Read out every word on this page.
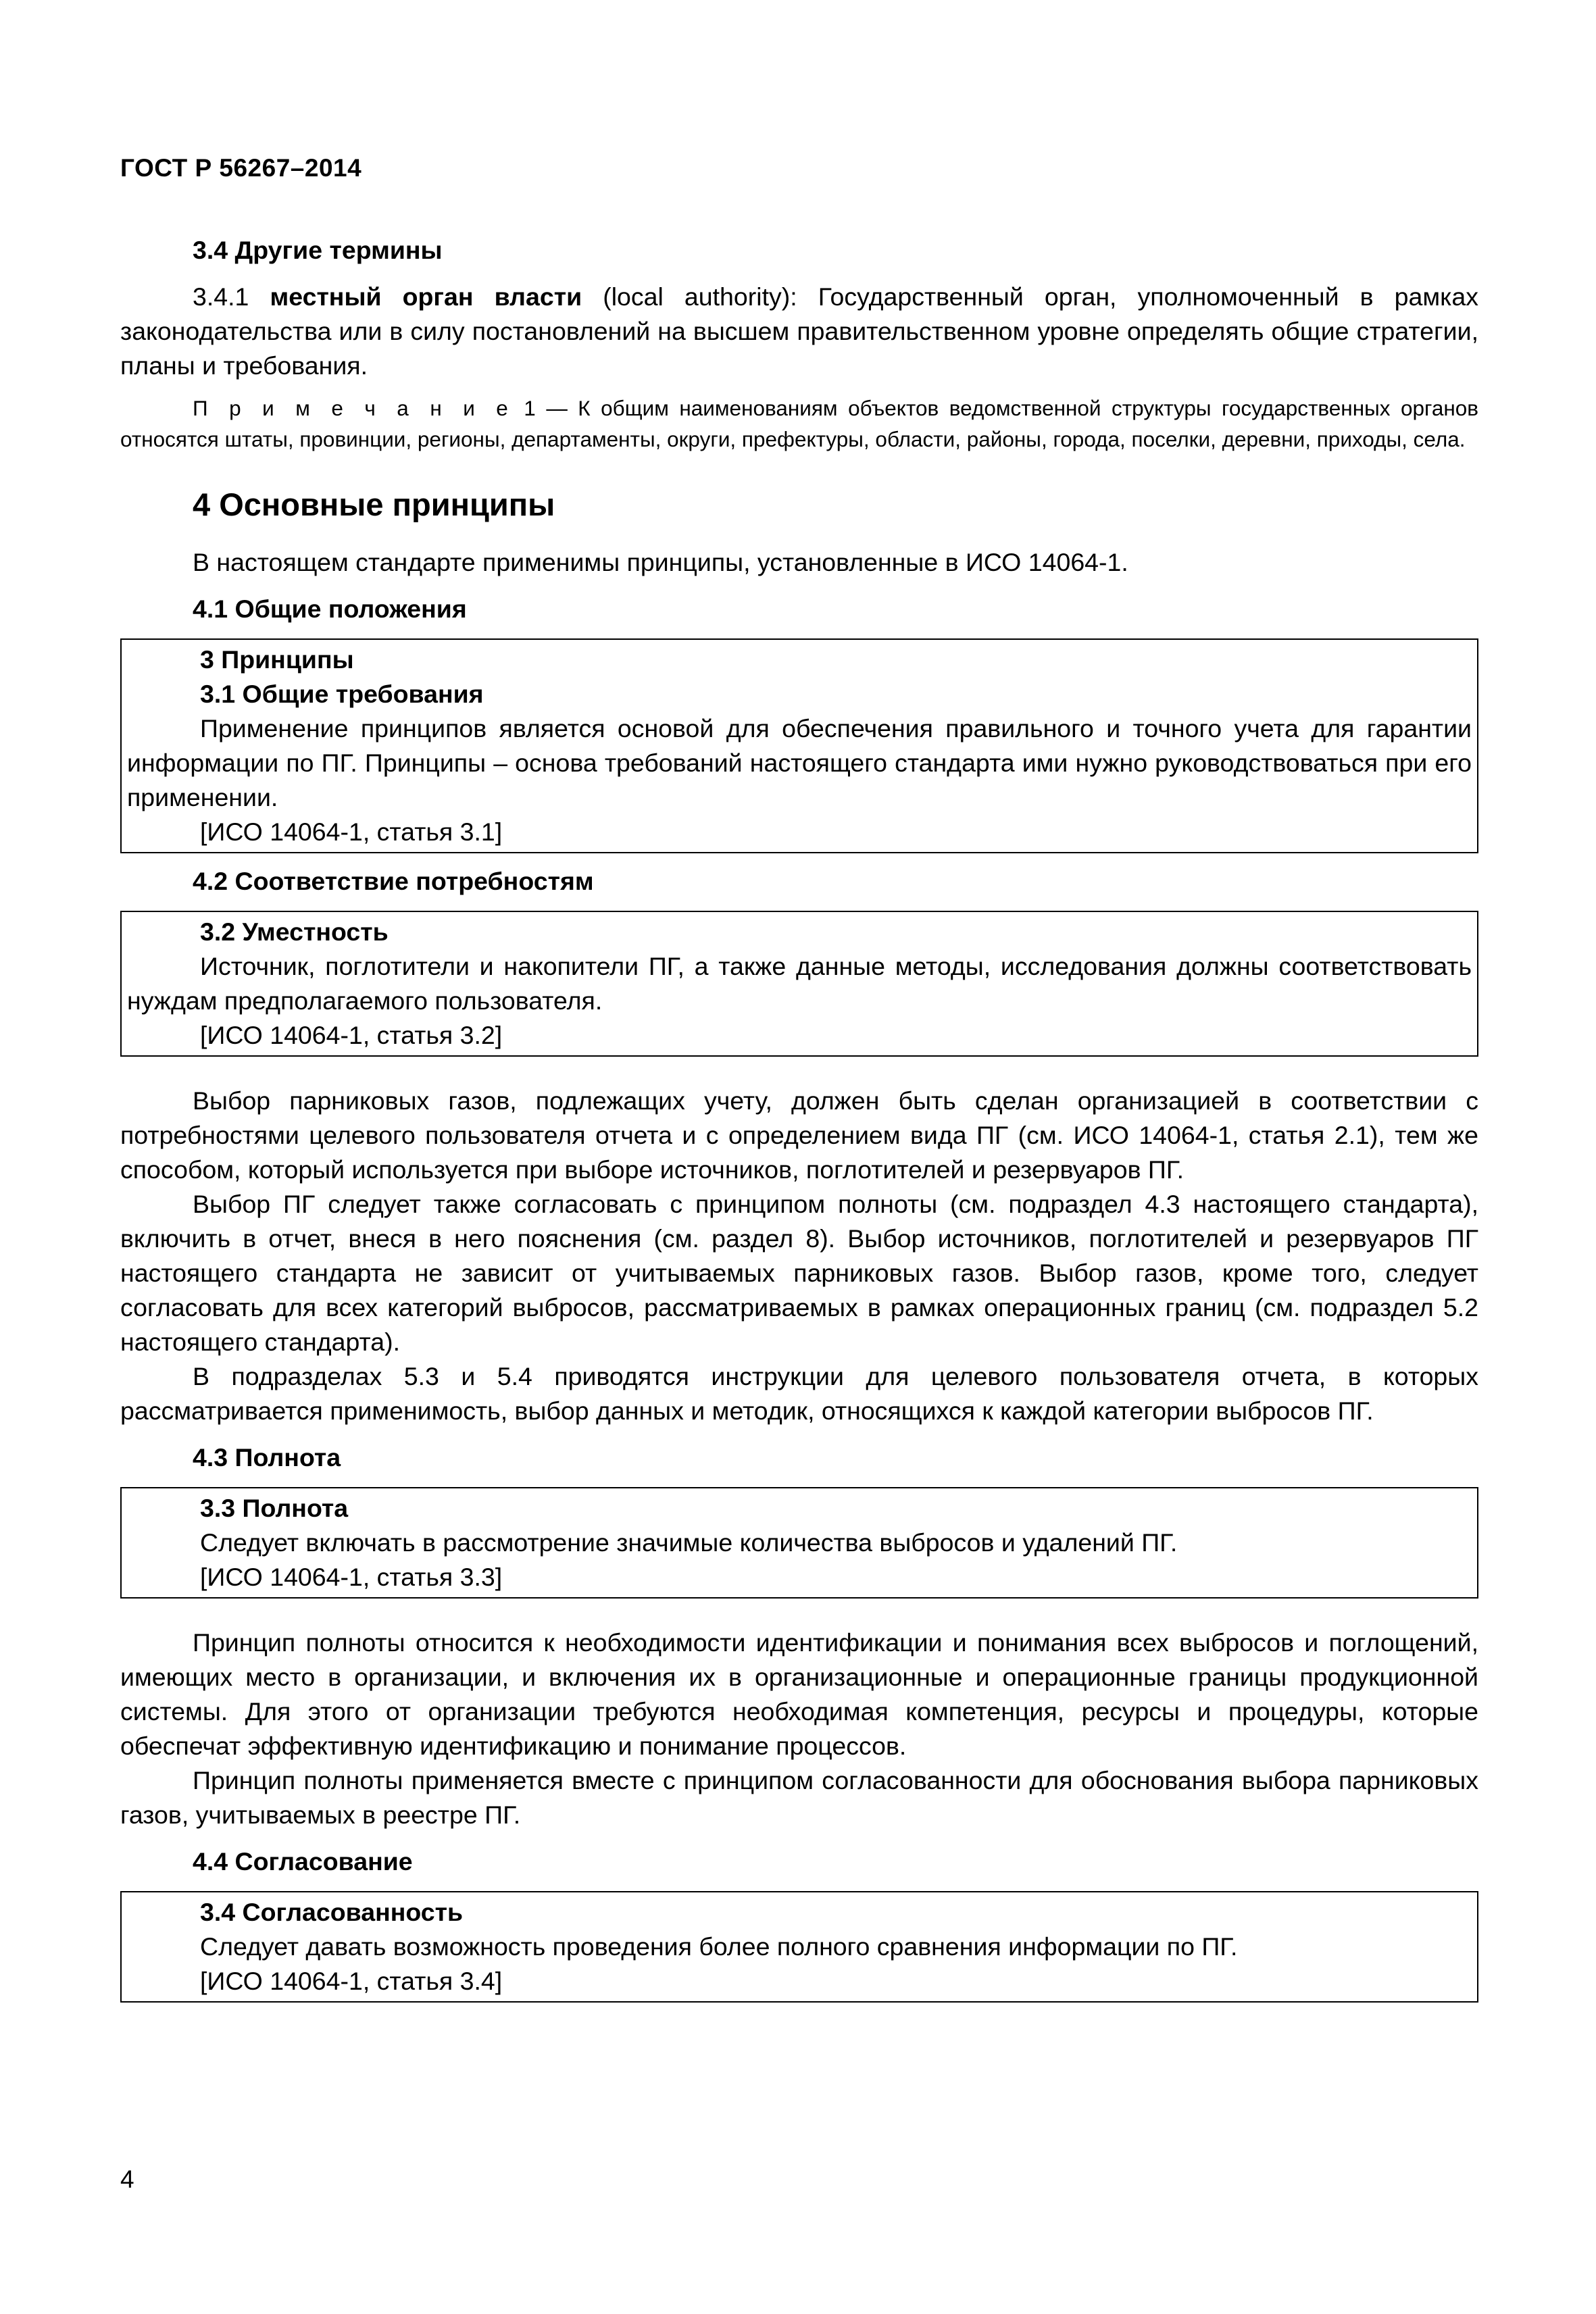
ГОСТ Р 56267–2014
3.4 Другие термины

3.4.1 местный орган власти (local authority): Государственный орган, уполномоченный в рамках законодательства или в силу постановлений на высшем правительственном уровне определять общие стратегии, планы и требования.

П р и м е ч а н и е 1 — К общим наименованиям объектов ведомственной структуры государственных органов относятся штаты, провинции, регионы, департаменты, округи, префектуры, области, районы, города, поселки, деревни, приходы, села.

4 Основные принципы

В настоящем стандарте применимы принципы, установленные в ИСО 14064-1.

4.1 Общие положения
3 Принципы
3.1 Общие требования

Применение принципов является основой для обеспечения правильного и точного учета для гарантии информации по ПГ. Принципы – основа требований настоящего стандарта ими нужно руководствоваться при его применении.

[ИСО 14064-1, статья 3.1]
4.2 Соответствие потребностям
3.2 Уместность

Источник, поглотители и накопители ПГ, а также данные методы, исследования должны соответствовать нуждам предполагаемого пользователя.

[ИСО 14064-1, статья 3.2]

Выбор парниковых газов, подлежащих учету, должен быть сделан организацией в соответствии с потребностями целевого пользователя отчета и с определением вида ПГ (см. ИСО 14064-1, статья 2.1), тем же способом, который используется при выборе источников, поглотителей и резервуаров ПГ.

Выбор ПГ следует также согласовать с принципом полноты (см. подраздел 4.3 настоящего стандарта), включить в отчет, внеся в него пояснения (см. раздел 8). Выбор источников, поглотителей и резервуаров ПГ настоящего стандарта не зависит от учитываемых парниковых газов. Выбор газов, кроме того, следует согласовать для всех категорий выбросов, рассматриваемых в рамках операционных границ (см. подраздел 5.2 настоящего стандарта).

В подразделах 5.3 и 5.4 приводятся инструкции для целевого пользователя отчета, в которых рассматривается применимость, выбор данных и методик, относящихся к каждой категории выбросов ПГ.

4.3 Полнота
3.3 Полнота

Следует включать в рассмотрение значимые количества выбросов и удалений ПГ.

[ИСО 14064-1, статья 3.3]

Принцип полноты относится к необходимости идентификации и понимания всех выбросов и поглощений, имеющих место в организации, и включения их в организационные и операционные границы продукционной системы. Для этого от организации требуются необходимая компетенция, ресурсы и процедуры, которые обеспечат эффективную идентификацию и понимание процессов.

Принцип полноты применяется вместе с принципом согласованности для обоснования выбора парниковых газов, учитываемых в реестре ПГ.

4.4 Согласование
3.4 Согласованность

Следует давать возможность проведения более полного сравнения информации по ПГ.

[ИСО 14064-1, статья 3.4]
4
